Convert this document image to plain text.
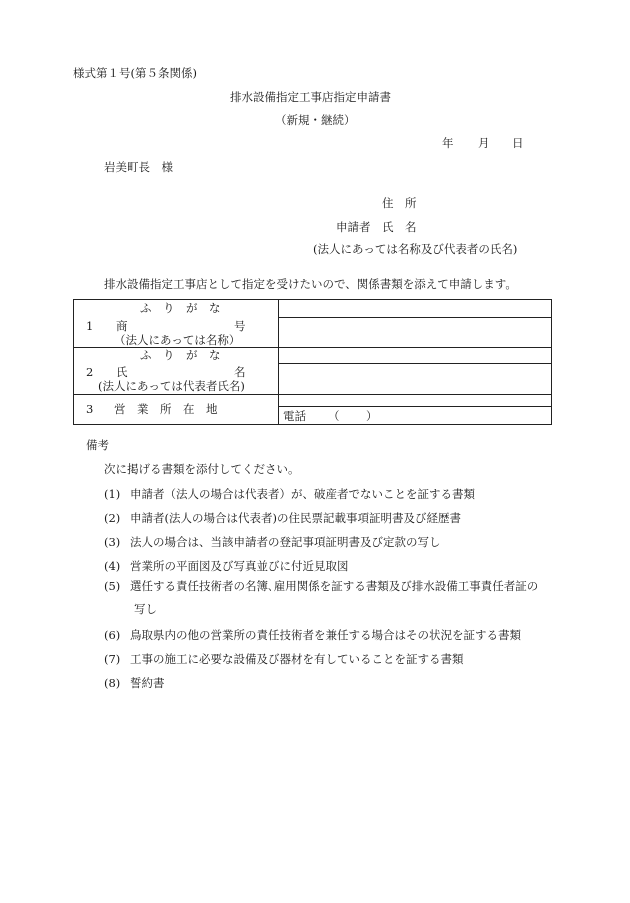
様式第１号(第５条関係)
排水設備指定工事店指定申請書
（新規・継続）
年 月 日
岩美町長　様
住　所
申請者 氏　名
(法人にあっては名称及び代表者の氏名)
排水設備指定工事店として指定を受けたいので、関係書類を添えて申請します。
ふ　り　が　な
1 商	号
（法人にあっては名称）
ふ　り　が　な
2 氏	名
(法人にあっては代表者氏名)
3 営　業　所　在　地	電話 （ ）
備考
次に掲げる書類を添付してください。
(1) 申請者（法人の場合は代表者）が、破産者でないことを証する書類
(2) 申請者(法人の場合は代表者)の住民票記載事項証明書及び経歴書
(3) 法人の場合は、当該申請者の登記事項証明書及び定款の写し
(4) 営業所の平面図及び写真並びに付近見取図
(5) 選任する責任技術者の名簿､雇用関係を証する書類及び排水設備工事責任者証の
写し
(6) 鳥取県内の他の営業所の責任技術者を兼任する場合はその状況を証する書類
(7) 工事の施工に必要な設備及び器材を有していることを証する書類
(8) 誓約書
